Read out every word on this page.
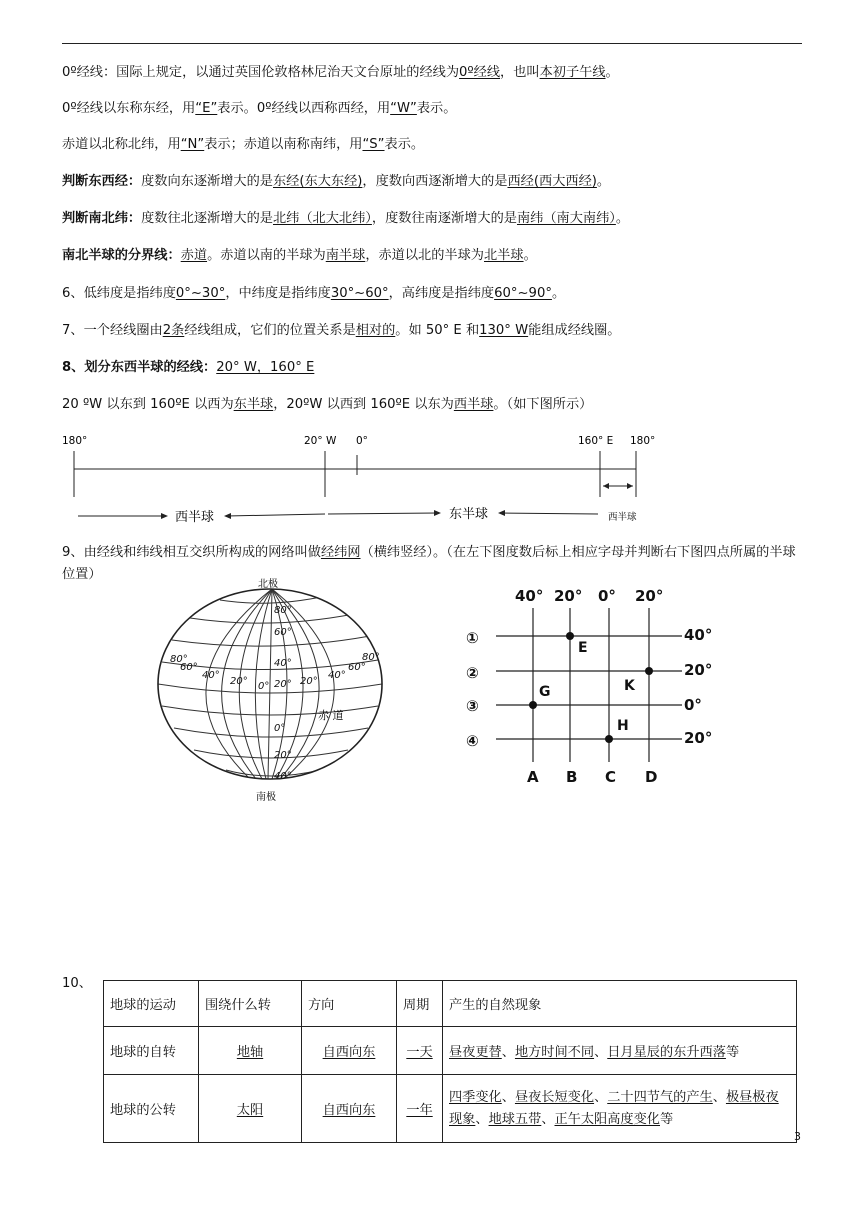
0º经线：国际上规定，以通过英国伦敦格林尼治天文台原址的经线为0º经线，也叫本初子午线。
0º经线以东称东经，用“E”表示。0º经线以西称西经，用“W”表示。
赤道以北称北纬，用“N”表示；赤道以南称南纬，用“S”表示。
判断东西经：度数向东逐渐增大的是东经(东大东经)，度数向西逐渐增大的是西经(西大西经)。
判断南北纬：度数往北逐渐增大的是北纬（北大北纬），度数往南逐渐增大的是南纬（南大南纬）。
南北半球的分界线：赤道。赤道以南的半球为南半球，赤道以北的半球为北半球。
6、低纬度是指纬度0°~30°，中纬度是指纬度30°~60°，高纬度是指纬度60°~90°。
7、一个经线圈由2条经线组成，它们的位置关系是相对的。如 50° E 和130° W能组成经线圈。
8、划分东西半球的经线：20° W，160° E
20 ºW 以东到 160ºE 以西为东半球，20ºW 以西到 160ºE 以东为西半球。（如下图所示）
180°	20° W 0°	160° E 180°
西半球	东半球	西半球
9、由经线和纬线相互交织所构成的网络叫做经纬网（横纬竖经）。（在左下图度数后标上相应字母并判断右下图四点所属的半球位置）
北极
80°
60°
40°
20°
0°
20°
40°
80°
60°
40°
20° 0°	20°
40°
60°
80°
赤 道
南极
40° 20° 0° 20°
①
②
③
④
40°
20°
0°
20°
A B C D
E
K
G
H
10、
地球的运动	围绕什么转	方向	周期	产生的自然现象
地球的自转	地轴	自西向东	一天	昼夜更替、地方时间不同、日月星辰的东升西落等
地球的公转	太阳	自西向东	一年	四季变化、昼夜长短变化、二十四节气的产生、极昼极夜现象、地球五带、正午太阳高度变化等
3
